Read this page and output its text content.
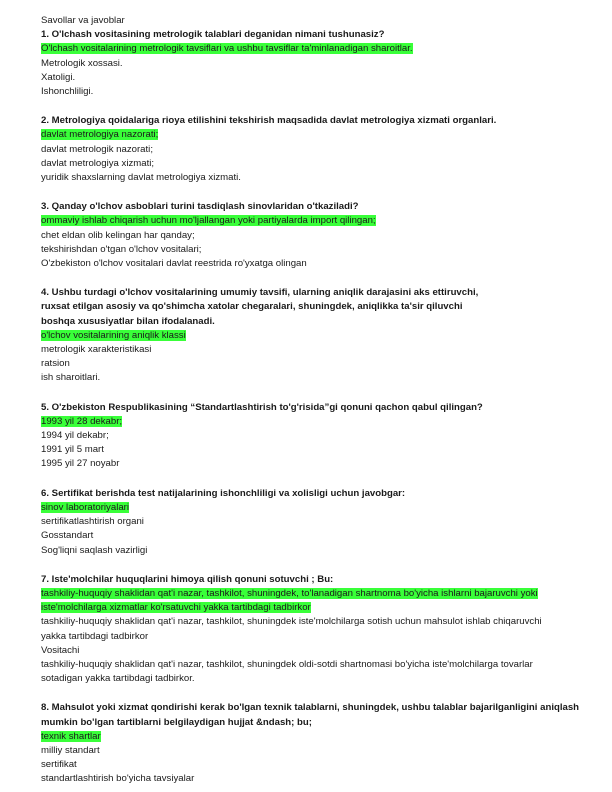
Savollar va javoblar

1. O'lchash vositasining metrologik talablari deganidan nimani tushunasiz?

O'lchash vositalarining metrologik tavsiflari va ushbu tavsiflar ta'minlanadigan sharoitlar.

Metrologik xossasi.

Xatoligi.

Ishonchliligi.

2. Metrologiya qoidalariga rioya etilishini tekshirish maqsadida davlat metrologiya xizmati organlari.

davlat metrologiya nazorati;

davlat metrologik nazorati;

davlat metrologiya xizmati;

yuridik shaxslarning davlat metrologiya xizmati.

3. Qanday o'lchov asboblari turini tasdiqlash sinovlaridan o'tkaziladi?

ommaviy ishlab chiqarish uchun mo'ljallangan yoki partiyalarda import qilingan;

chet eldan olib kelingan har qanday;

tekshirishdan o'tgan o'lchov vositalari;

O'zbekiston o'lchov vositalari davlat reestrida ro'yxatga olingan

4. Ushbu turdagi o'lchov vositalarining umumiy tavsifi, ularning aniqlik darajasini aks ettiruvchi,

ruxsat etilgan asosiy va qo'shimcha xatolar chegaralari, shuningdek, aniqlikka ta'sir qiluvchi

boshqa xususiyatlar bilan ifodalanadi.

o'lchov vositalarining aniqlik klassi

metrologik xarakteristikasi

ratsion

ish sharoitlari.

5. O'zbekiston Respublikasining “Standartlashtirish to'g'risida”gi qonuni qachon qabul qilingan?

1993 yil 28 dekabr;

1994 yil dekabr;

1991 yil 5 mart

1995 yil 27 noyabr

6. Sertifikat berishda test natijalarining ishonchliligi va xolisligi uchun javobgar:

sinov laboratoriyalari

sertifikatlashtirish organi

Gosstandart

Sog'liqni saqlash vazirligi

7. Iste'molchilar huquqlarini himoya qilish qonuni sotuvchi ; Bu:

tashkiliy-huquqiy shaklidan qat'i nazar, tashkilot, shuningdek, to'lanadigan shartnoma bo'yicha ishlarni bajaruvchi yoki

iste'molchilarga xizmatlar ko'rsatuvchi yakka tartibdagi tadbirkor

tashkiliy-huquqiy shaklidan qat'i nazar, tashkilot, shuningdek iste'molchilarga sotish uchun mahsulot ishlab chiqaruvchi

yakka tartibdagi tadbirkor

Vositachi

tashkiliy-huquqiy shaklidan qat'i nazar, tashkilot, shuningdek oldi-sotdi shartnomasi bo'yicha iste'molchilarga tovarlar

sotadigan yakka tartibdagi tadbirkor.

8. Mahsulot yoki xizmat qondirishi kerak bo'lgan texnik talablarni, shuningdek, ushbu talablar bajarilganligini aniqlash

mumkin bo'lgan tartiblarni belgilaydigan hujjat &ndash; bu;

texnik shartlar

milliy standart

sertifikat

standartlashtirish bo'yicha tavsiyalar
